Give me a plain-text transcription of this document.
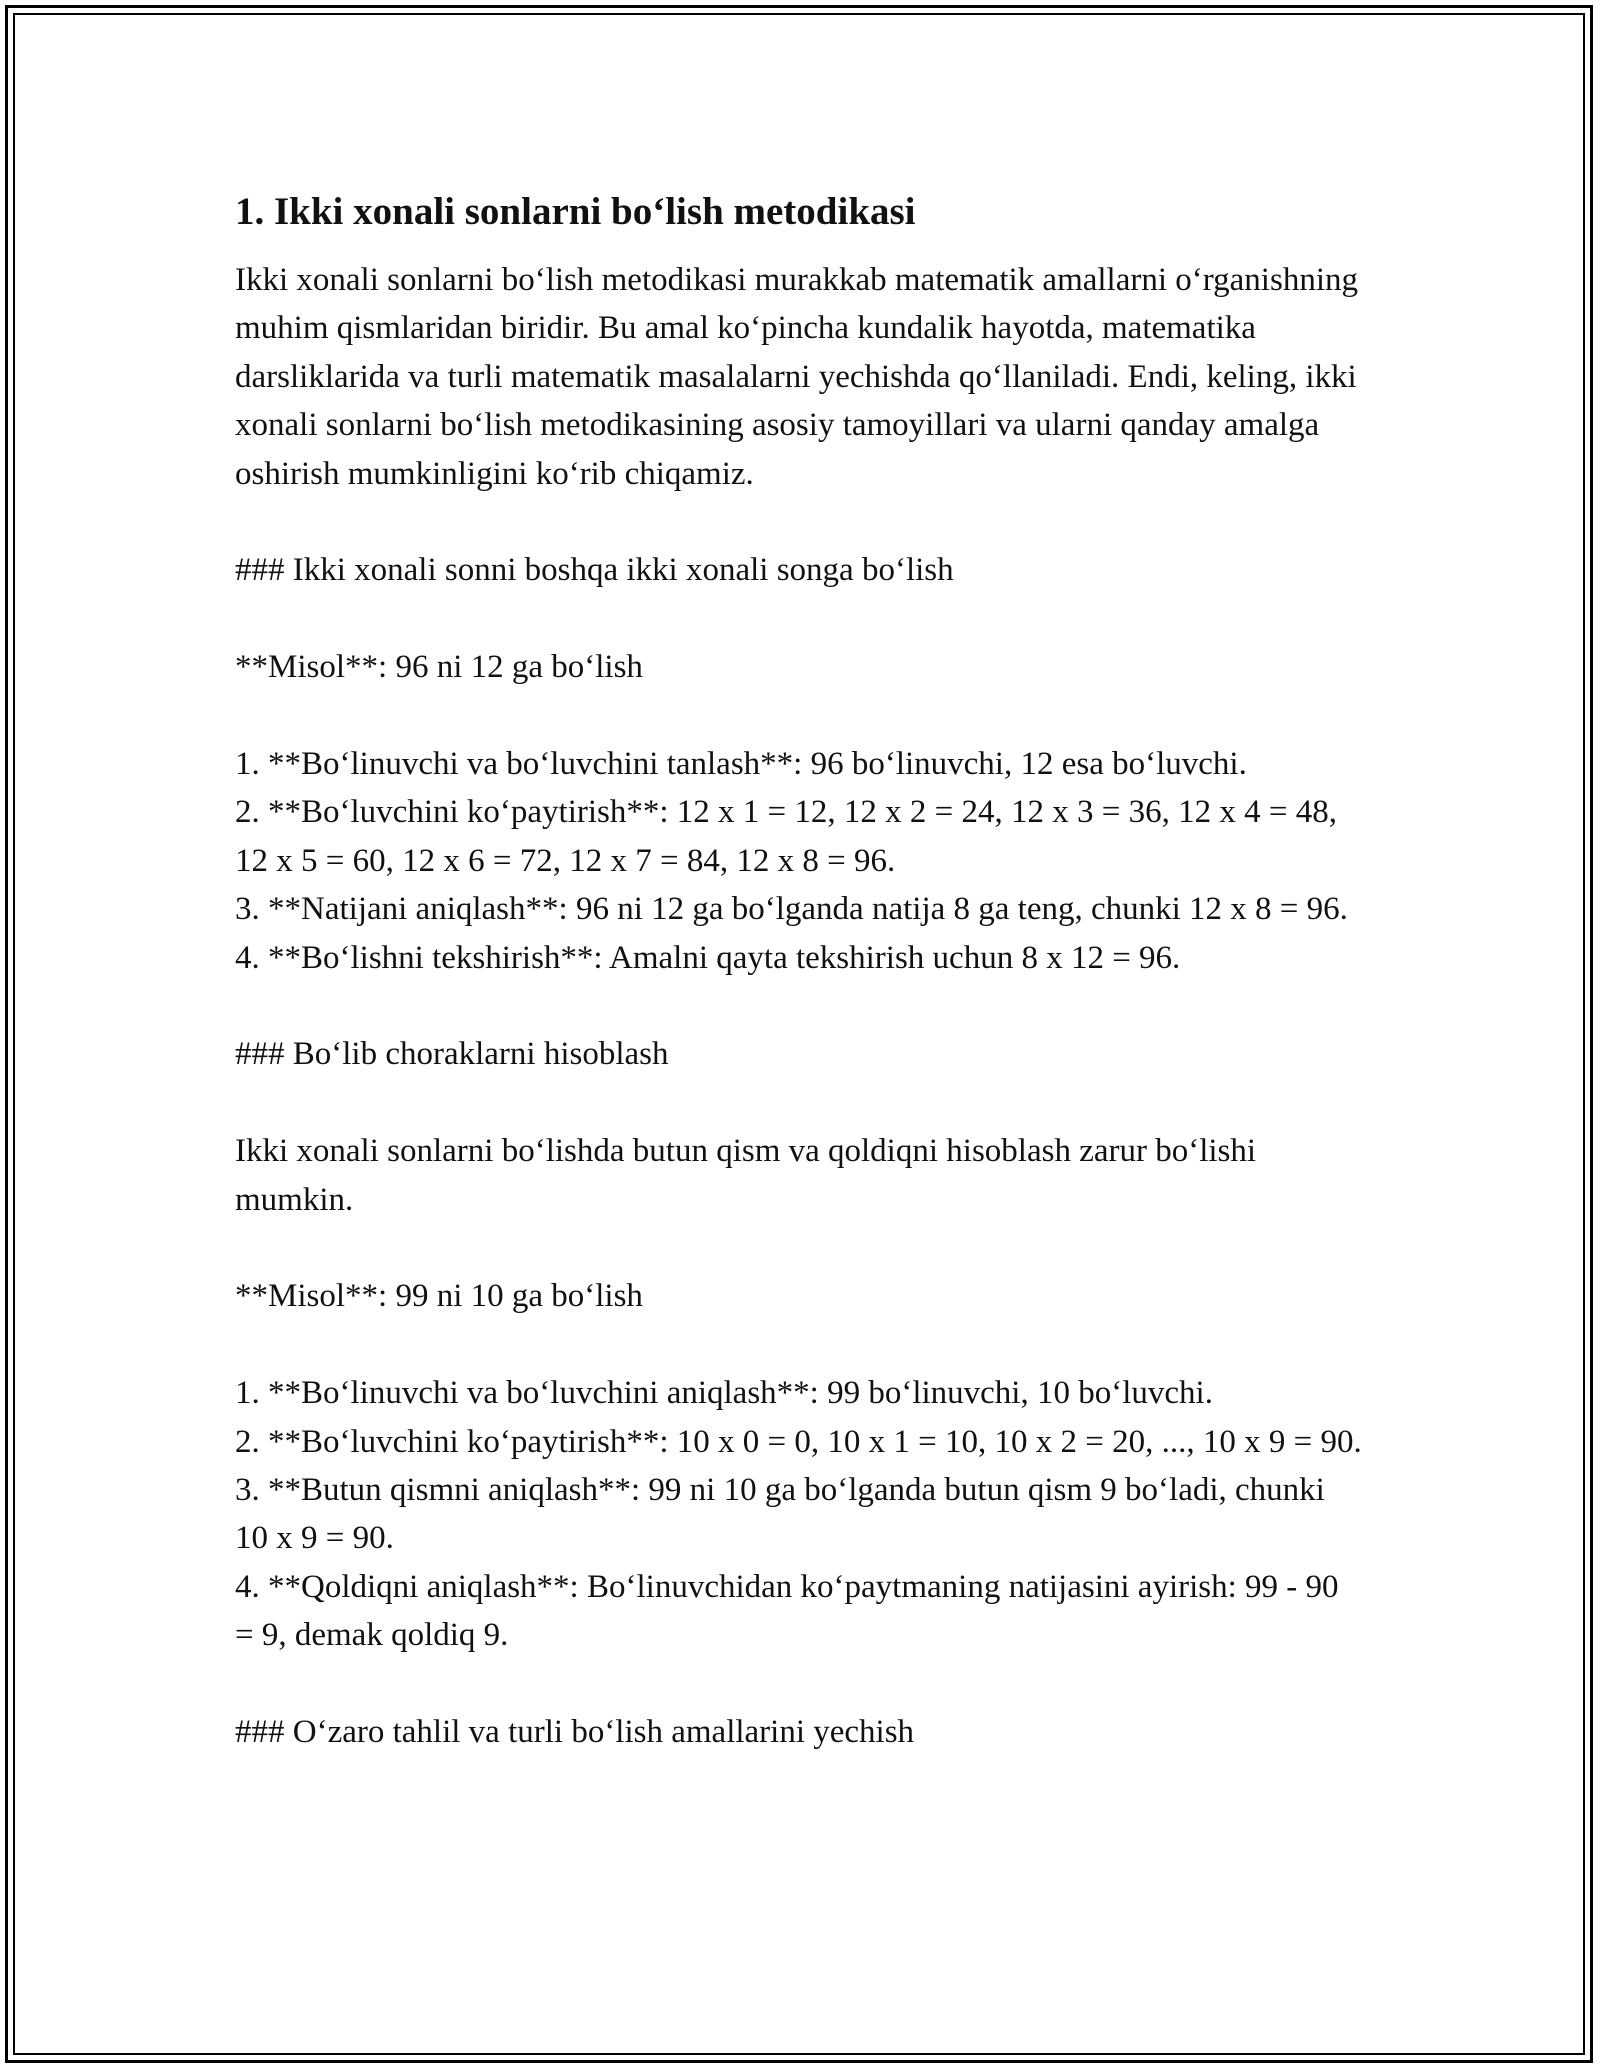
1. Ikki xonali sonlarni bo‘lish metodikasi

Ikki xonali sonlarni bo‘lish metodikasi murakkab matematik amallarni o‘rganishning muhim qismlaridan biridir. Bu amal ko‘pincha kundalik hayotda, matematika darsliklarida va turli matematik masalalarni yechishda qo‘llaniladi. Endi, keling, ikki xonali sonlarni bo‘lish metodikasining asosiy tamoyillari va ularni qanday amalga oshirish mumkinligini ko‘rib chiqamiz.

### Ikki xonali sonni boshqa ikki xonali songa bo‘lish

**Misol**: 96 ni 12 ga bo‘lish

1. **Bo‘linuvchi va bo‘luvchini tanlash**: 96 bo‘linuvchi, 12 esa bo‘luvchi.

2. **Bo‘luvchini ko‘paytirish**: 12 x 1 = 12, 12 x 2 = 24, 12 x 3 = 36, 12 x 4 = 48, 12 x 5 = 60, 12 x 6 = 72, 12 x 7 = 84, 12 x 8 = 96.

3. **Natijani aniqlash**: 96 ni 12 ga bo‘lganda natija 8 ga teng, chunki 12 x 8 = 96.

4. **Bo‘lishni tekshirish**: Amalni qayta tekshirish uchun 8 x 12 = 96.

### Bo‘lib choraklarni hisoblash

Ikki xonali sonlarni bo‘lishda butun qism va qoldiqni hisoblash zarur bo‘lishi mumkin.

**Misol**: 99 ni 10 ga bo‘lish

1. **Bo‘linuvchi va bo‘luvchini aniqlash**: 99 bo‘linuvchi, 10 bo‘luvchi.

2. **Bo‘luvchini ko‘paytirish**: 10 x 0 = 0, 10 x 1 = 10, 10 x 2 = 20, ..., 10 x 9 = 90.

3. **Butun qismni aniqlash**: 99 ni 10 ga bo‘lganda butun qism 9 bo‘ladi, chunki 10 x 9 = 90.

4. **Qoldiqni aniqlash**: Bo‘linuvchidan ko‘paytmaning natijasini ayirish: 99 - 90 = 9, demak qoldiq 9.

### O‘zaro tahlil va turli bo‘lish amallarini yechish
